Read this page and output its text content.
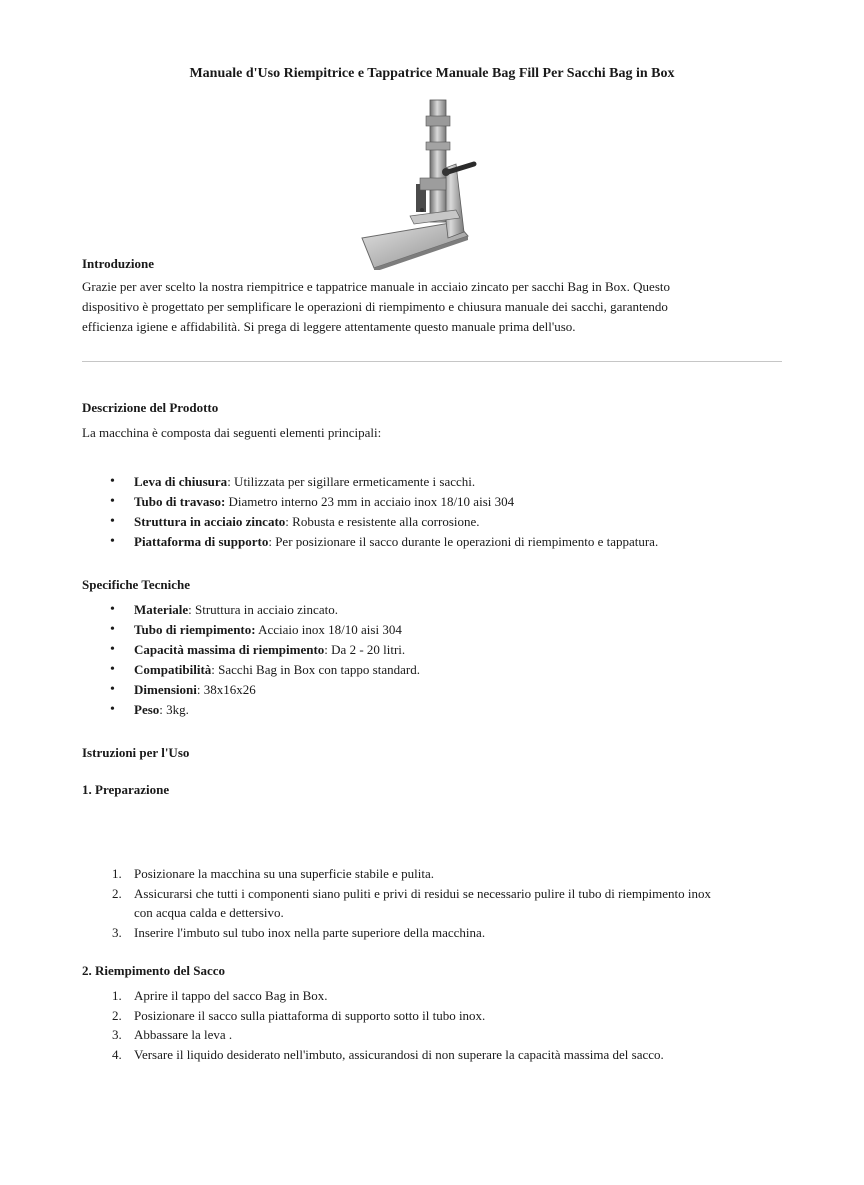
Manuale d'Uso Riempitrice e Tappatrice Manuale Bag Fill Per Sacchi Bag in Box
Introduzione
Grazie per aver scelto la nostra riempitrice e tappatrice manuale in acciaio zincato per sacchi Bag in Box. Questo
dispositivo è progettato per semplificare le operazioni di riempimento e chiusura manuale dei sacchi, garantendo
efficienza igiene e affidabilità. Si prega di leggere attentamente questo manuale prima dell'uso.
Descrizione del Prodotto
La macchina è composta dai seguenti elementi principali:
• Leva di chiusura: Utilizzata per sigillare ermeticamente i sacchi.
• Tubo di travaso: Diametro interno 23 mm in acciaio inox 18/10 aisi 304
• Struttura in acciaio zincato: Robusta e resistente alla corrosione.
• Piattaforma di supporto: Per posizionare il sacco durante le operazioni di riempimento e tappatura.
Specifiche Tecniche
• Materiale: Struttura in acciaio zincato.
• Tubo di riempimento: Acciaio inox 18/10 aisi 304
• Capacità massima di riempimento: Da 2 - 20 litri.
• Compatibilità: Sacchi Bag in Box con tappo standard.
• Dimensioni: 38x16x26
• Peso: 3kg.
Istruzioni per l'Uso
1. Preparazione
1. Posizionare la macchina su una superficie stabile e pulita.
2. Assicurarsi che tutti i componenti siano puliti e privi di residui se necessario pulire il tubo di riempimento inox
con acqua calda e dettersivo.
3. Inserire l'imbuto sul tubo inox nella parte superiore della macchina.
2. Riempimento del Sacco
1. Aprire il tappo del sacco Bag in Box.
2. Posizionare il sacco sulla piattaforma di supporto sotto il tubo inox.
3. Abbassare la leva .
4. Versare il liquido desiderato nell'imbuto, assicurandosi di non superare la capacità massima del sacco.
